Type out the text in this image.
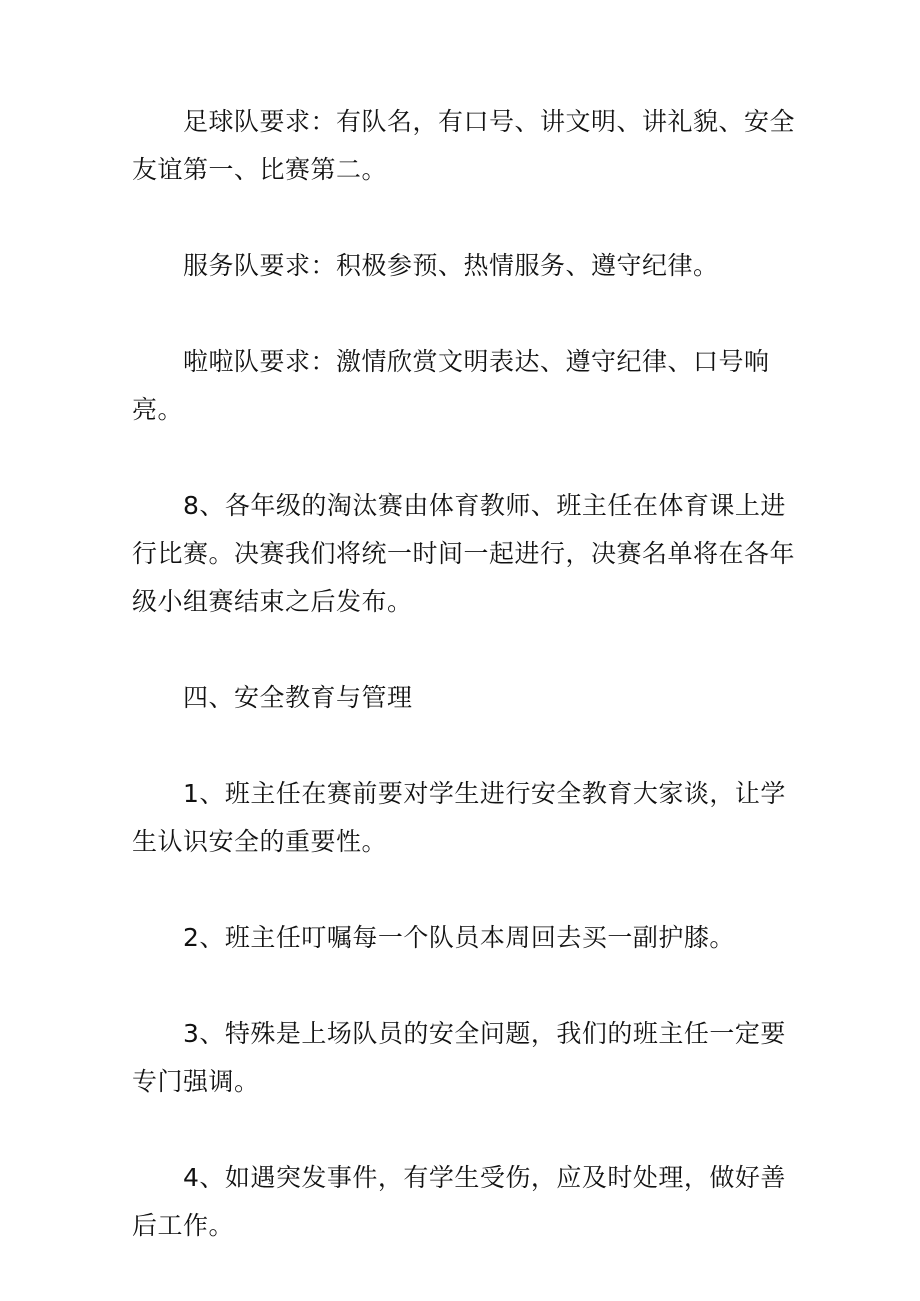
足球队要求：有队名，有口号、讲文明、讲礼貌、安全友谊第一、比赛第二。

服务队要求：积极参预、热情服务、遵守纪律。

啦啦队要求：激情欣赏文明表达、遵守纪律、口号响亮。

8、各年级的淘汰赛由体育教师、班主任在体育课上进行比赛。决赛我们将统一时间一起进行，决赛名单将在各年级小组赛结束之后发布。

四、安全教育与管理

1、班主任在赛前要对学生进行安全教育大家谈，让学生认识安全的重要性。

2、班主任叮嘱每一个队员本周回去买一副护膝。

3、特殊是上场队员的安全问题，我们的班主任一定要专门强调。

4、如遇突发事件，有学生受伤，应及时处理，做好善后工作。
